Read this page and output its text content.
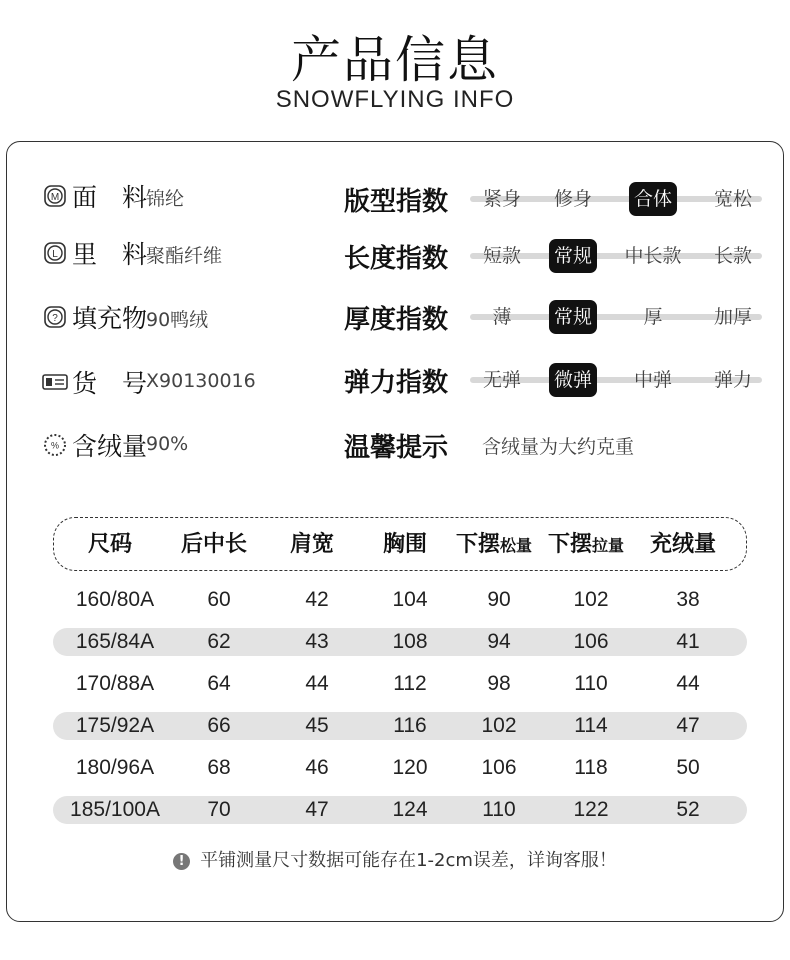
产品信息
SNOWFLYING INFO
M 面　料
锦纶
L 里　料
聚酯纤维
? 填充物
90鸭绒
货　号
X90130016
% 含绒量
90%
版型指数 紧身 修身 合体 宽松
长度指数 短款 常规 中长款 长款
厚度指数 薄 常规	厚	加厚
弹力指数 无弹 微弹 中弹 弹力
温馨提示 含绒量为大约克重
尺码 后中长 肩宽 胸围 下摆松量 下摆拉量 充绒量
160/80A	60	42	104	90	102	38
165/84A	62	43	108	94	106	41
170/88A	64	44	112	98	110	44
175/92A	66	45	116	102	114	47
180/96A	68	46	120	106	118	50
185/100A 70	47	124	110	122	52
! 平铺测量尺寸数据可能存在1-2cm误差，详询客服！
